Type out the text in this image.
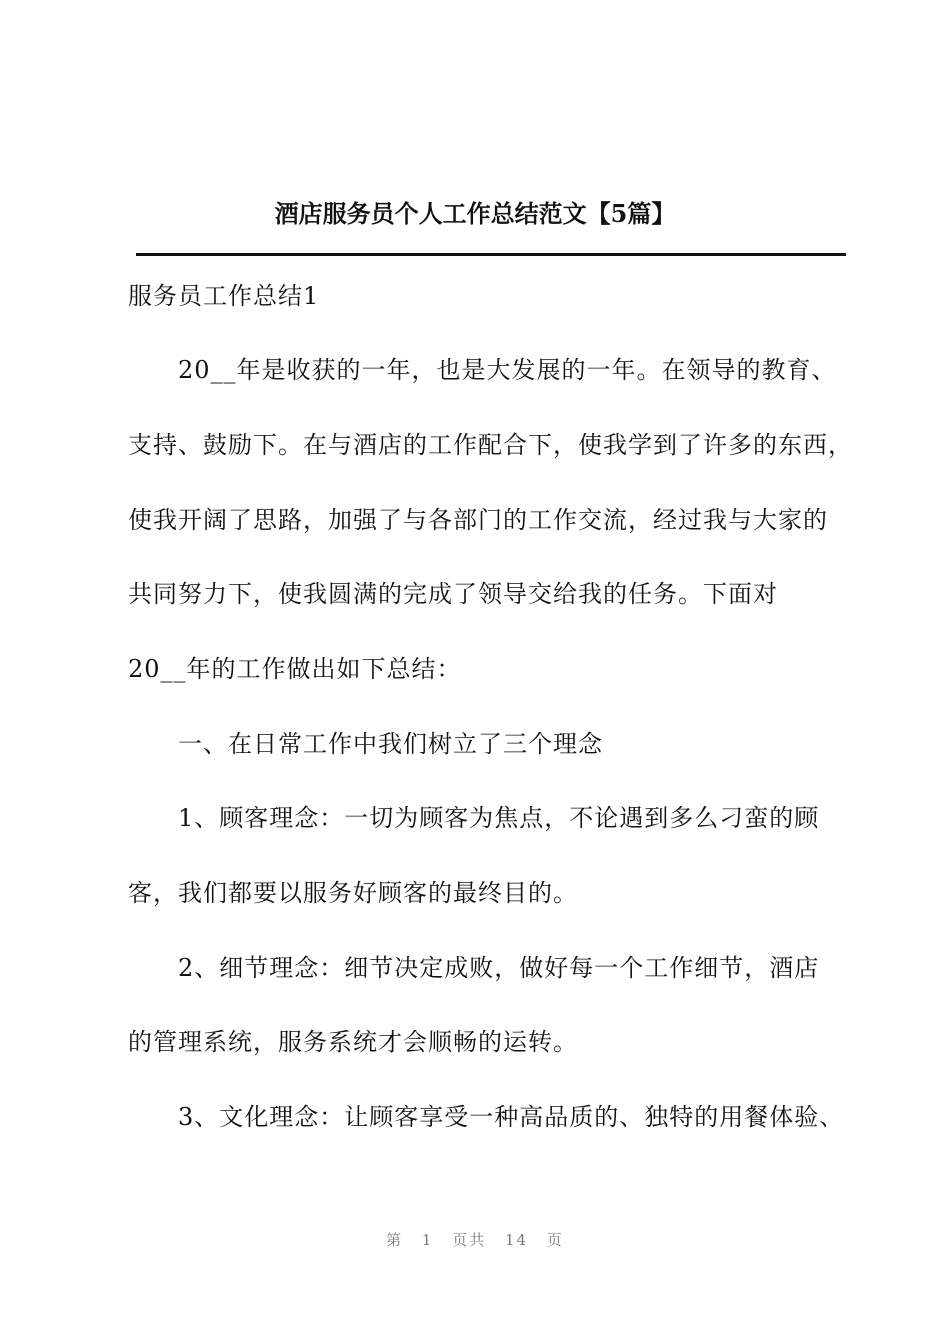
酒店服务员个人工作总结范文【5篇】
服务员工作总结1
20__年是收获的一年，也是大发展的一年。在领导的教育、
支持、鼓励下。在与酒店的工作配合下，使我学到了许多的东西，
使我开阔了思路，加强了与各部门的工作交流，经过我与大家的
共同努力下，使我圆满的完成了领导交给我的任务。下面对
20__年的工作做出如下总结：
一、在日常工作中我们树立了三个理念
1、顾客理念：一切为顾客为焦点，不论遇到多么刁蛮的顾
客，我们都要以服务好顾客的最终目的。
2、细节理念：细节决定成败，做好每一个工作细节，酒店
的管理系统，服务系统才会顺畅的运转。
3、文化理念：让顾客享受一种高品质的、独特的用餐体验、
第 1 页共 14 页
